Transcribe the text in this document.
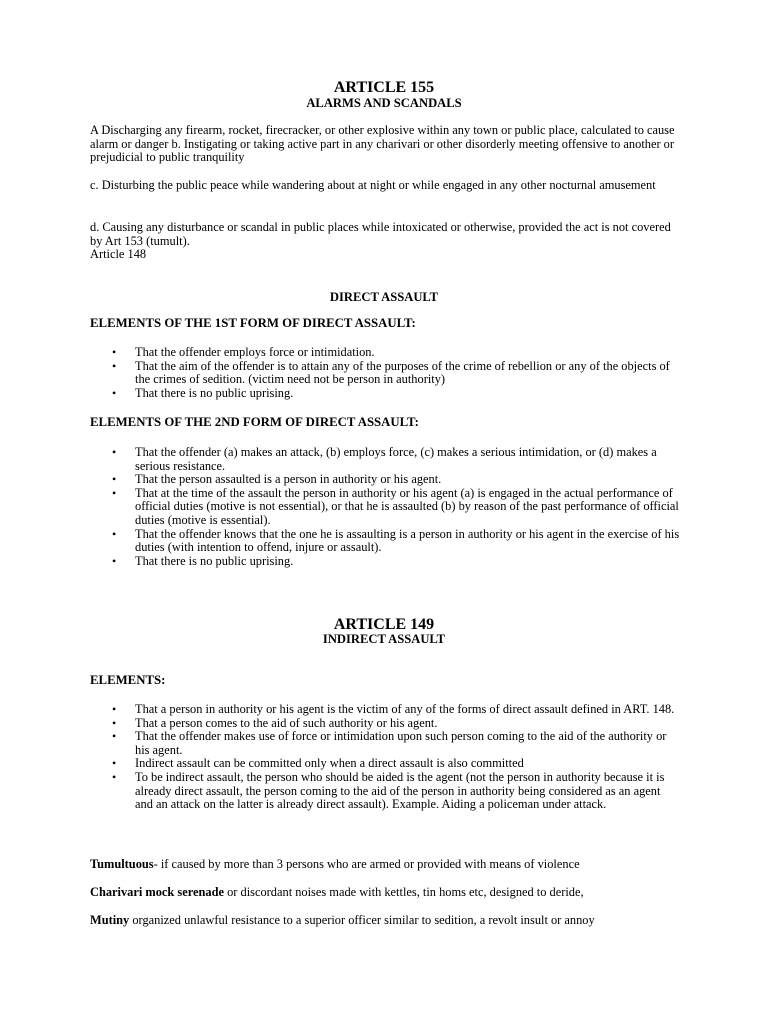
ARTICLE 155
ALARMS AND SCANDALS

A Discharging any firearm, rocket, firecracker, or other explosive within any town or public place, calculated to cause alarm or danger b. Instigating or taking active part in any charivari or other disorderly meeting offensive to another or prejudicial to public tranquility

c. Disturbing the public peace while wandering about at night or while engaged in any other nocturnal amusement

d. Causing any disturbance or scandal in public places while intoxicated or otherwise, provided the act is not covered by Art 153 (tumult).

Article 148

DIRECT ASSAULT
ELEMENTS OF THE 1ST FORM OF DIRECT ASSAULT:
• That the offender employs force or intimidation.
• That the aim of the offender is to attain any of the purposes of the crime of rebellion or any of the objects of the crimes of sedition. (victim need not be person in authority)
• That there is no public uprising.
ELEMENTS OF THE 2ND FORM OF DIRECT ASSAULT:
• That the offender (a) makes an attack, (b) employs force, (c) makes a serious intimidation, or (d) makes a serious resistance.
• That the person assaulted is a person in authority or his agent.
• That at the time of the assault the person in authority or his agent (a) is engaged in the actual performance of official duties (motive is not essential), or that he is assaulted (b) by reason of the past performance of official duties (motive is essential).
• That the offender knows that the one he is assaulting is a person in authority or his agent in the exercise of his duties (with intention to offend, injure or assault).
• That there is no public uprising.
ARTICLE 149
INDIRECT ASSAULT
ELEMENTS:
• That a person in authority or his agent is the victim of any of the forms of direct assault defined in ART. 148.
• That a person comes to the aid of such authority or his agent.
• That the offender makes use of force or intimidation upon such person coming to the aid of the authority or his agent.
• Indirect assault can be committed only when a direct assault is also committed
• To be indirect assault, the person who should be aided is the agent (not the person in authority because it is already direct assault, the person coming to the aid of the person in authority being considered as an agent and an attack on the latter is already direct assault). Example. Aiding a policeman under attack.

Tumultuous- if caused by more than 3 persons who are armed or provided with means of violence

Charivari mock serenade or discordant noises made with kettles, tin homs etc, designed to deride,

Mutiny organized unlawful resistance to a superior officer similar to sedition, a revolt insult or annoy
